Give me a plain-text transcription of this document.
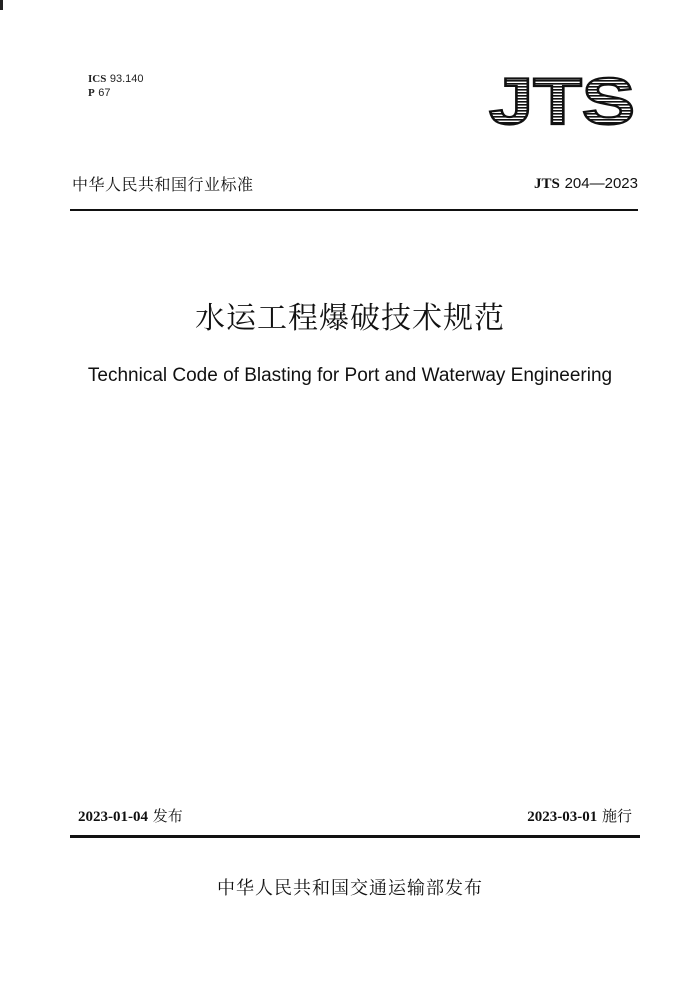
ICS 93.140
P 67	JTS
中华人民共和国行业标准	JTS 204—2023
水运工程爆破技术规范
Technical Code of Blasting for Port and Waterway Engineering
2023-01-04 发布	2023-03-01 施行
中华人民共和国交通运输部发布
